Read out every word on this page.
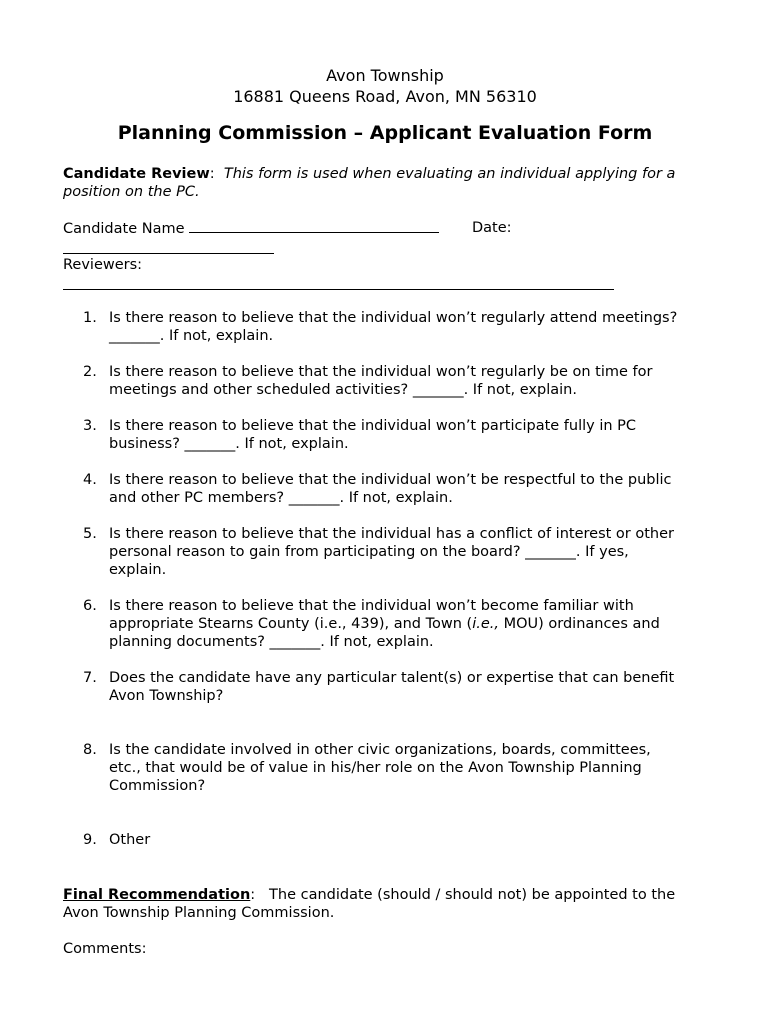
Avon Township
16881 Queens Road, Avon, MN 56310
Planning Commission – Applicant Evaluation Form
Candidate Review: This form is used when evaluating an individual applying for a position on the PC.
Candidate Name	Date:
Reviewers:
1. Is there reason to believe that the individual won’t regularly attend meetings?
_______. If not, explain.
2. Is there reason to believe that the individual won’t regularly be on time for
meetings and other scheduled activities? _______. If not, explain.
3. Is there reason to believe that the individual won’t participate fully in PC
business? _______. If not, explain.
4. Is there reason to believe that the individual won’t be respectful to the public
and other PC members? _______. If not, explain.
5. Is there reason to believe that the individual has a conflict of interest or other
personal reason to gain from participating on the board? _______. If yes,
explain.
6. Is there reason to believe that the individual won’t become familiar with
appropriate Stearns County (i.e., 439), and Town (i.e., MOU) ordinances and
planning documents? _______. If not, explain.
7. Does the candidate have any particular talent(s) or expertise that can benefit
Avon Township?
8. Is the candidate involved in other civic organizations, boards, committees,
etc., that would be of value in his/her role on the Avon Township Planning
Commission?
9. Other
Final Recommendation: The candidate (should / should not) be appointed to the
Avon Township Planning Commission.
Comments:
